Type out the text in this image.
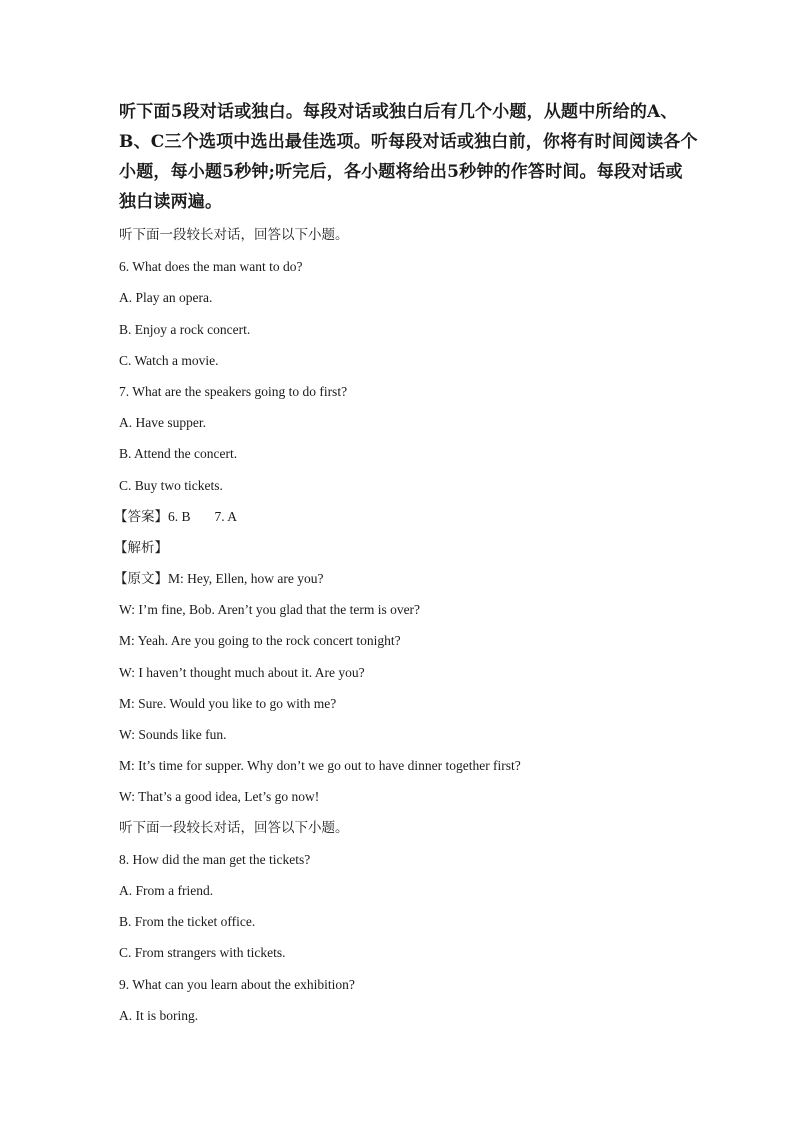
听下面5段对话或独白。每段对话或独白后有几个小题，从题中所给的A、B、C三个选项中选出最佳选项。听每段对话或独白前，你将有时间阅读各个小题，每小题5秒钟;听完后，各小题将给出5秒钟的作答时间。每段对话或独白读两遍。
听下面一段较长对话，回答以下小题。
6. What does the man want to do?
A. Play an opera.
B. Enjoy a rock concert.
C. Watch a movie.
7. What are the speakers going to do first?
A. Have supper.
B. Attend the concert.
C. Buy two tickets.
【答案】6. B 7. A
【解析】
【原文】M: Hey, Ellen, how are you?
W: I’m fine, Bob. Aren’t you glad that the term is over?
M: Yeah. Are you going to the rock concert tonight?
W: I haven’t thought much about it. Are you?
M: Sure. Would you like to go with me?
W: Sounds like fun.
M: It’s time for supper. Why don’t we go out to have dinner together first?
W: That’s a good idea, Let’s go now!
听下面一段较长对话，回答以下小题。
8. How did the man get the tickets?
A. From a friend.
B. From the ticket office.
C. From strangers with tickets.
9. What can you learn about the exhibition?
A. It is boring.
